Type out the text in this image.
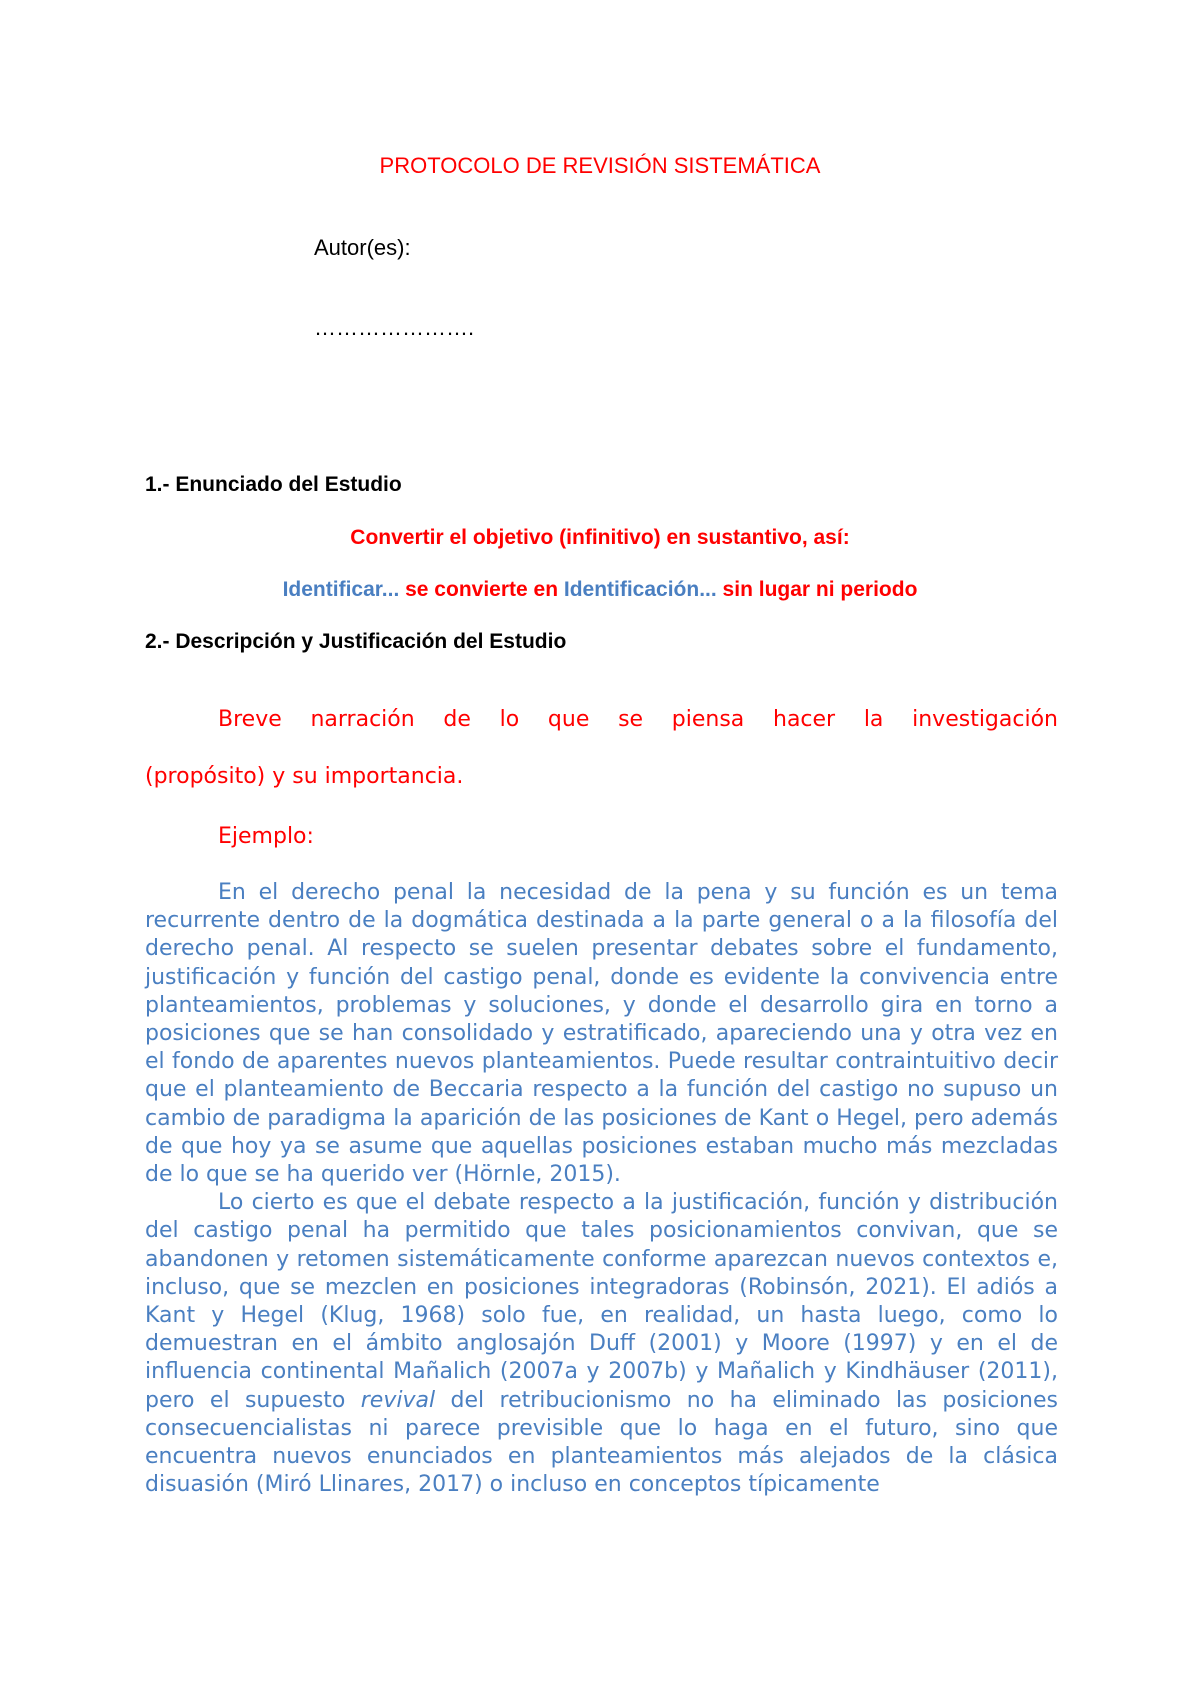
PROTOCOLO DE REVISIÓN SISTEMÁTICA
Autor(es):
………………….
1.- Enunciado del Estudio
Convertir el objetivo (infinitivo) en sustantivo, así:
Identificar... se convierte en Identificación... sin lugar ni periodo
2.- Descripción y Justificación del Estudio
Breve narración de lo que se piensa hacer la investigación
(propósito) y su importancia.
Ejemplo:

En el derecho penal la necesidad de la pena y su función es un tema recurrente dentro de la dogmática destinada a la parte general o a la filosofía del derecho penal. Al respecto se suelen presentar debates sobre el fundamento, justificación y función del castigo penal, donde es evidente la convivencia entre planteamientos, problemas y soluciones, y donde el desarrollo gira en torno a posiciones que se han consolidado y estratificado, apareciendo una y otra vez en el fondo de aparentes nuevos planteamientos. Puede resultar contraintuitivo decir que el planteamiento de Beccaria respecto a la función del castigo no supuso un cambio de paradigma la aparición de las posiciones de Kant o Hegel, pero además de que hoy ya se asume que aquellas posiciones estaban mucho más mezcladas de lo que se ha querido ver (Hörnle, 2015).

Lo cierto es que el debate respecto a la justificación, función y distribución del castigo penal ha permitido que tales posicionamientos convivan, que se abandonen y retomen sistemáticamente conforme aparezcan nuevos contextos e, incluso, que se mezclen en posiciones integradoras (Robinsón, 2021). El adiós a Kant y Hegel (Klug, 1968) solo fue, en realidad, un hasta luego, como lo demuestran en el ámbito anglosajón Duff (2001) y Moore (1997) y en el de influencia continental Mañalich (2007a y 2007b) y Mañalich y Kindhäuser (2011), pero el supuesto revival del retribucionismo no ha eliminado las posiciones consecuencialistas ni parece previsible que lo haga en el futuro, sino que encuentra nuevos enunciados en planteamientos más alejados de la clásica disuasión (Miró Llinares, 2017) o incluso en conceptos típicamente
